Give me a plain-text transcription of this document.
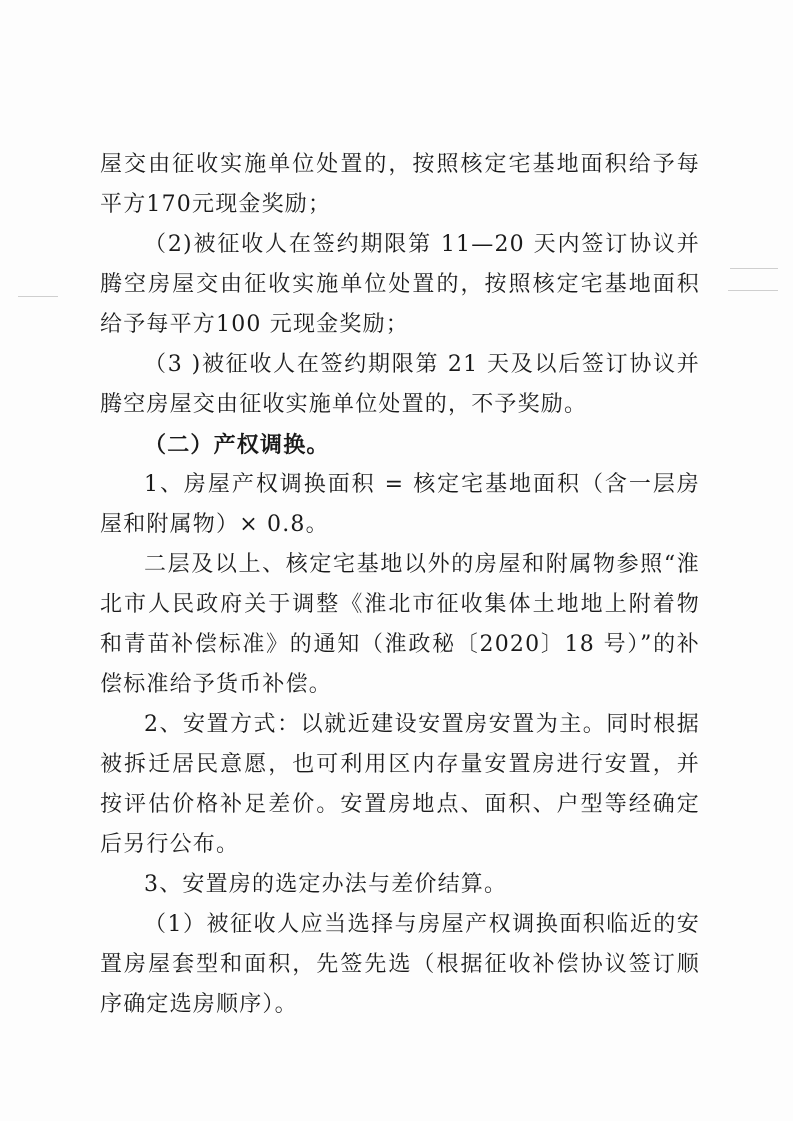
屋交由征收实施单位处置的，按照核定宅基地面积给予每平方170元现金奖励；

（2)被征收人在签约期限第 11—20 天内签订协议并腾空房屋交由征收实施单位处置的，按照核定宅基地面积给予每平方100 元现金奖励；

（3 )被征收人在签约期限第 21 天及以后签订协议并腾空房屋交由征收实施单位处置的，不予奖励。

（二）产权调换。

1、房屋产权调换面积 = 核定宅基地面积（含一层房屋和附属物）× 0.8。

二层及以上、核定宅基地以外的房屋和附属物参照“淮北市人民政府关于调整《淮北市征收集体土地地上附着物和青苗补偿标准》的通知（淮政秘〔2020〕18 号）”的补偿标准给予货币补偿。

2、安置方式：以就近建设安置房安置为主。同时根据被拆迁居民意愿，也可利用区内存量安置房进行安置，并按评估价格补足差价。安置房地点、面积、户型等经确定后另行公布。

3、安置房的选定办法与差价结算。

（1）被征收人应当选择与房屋产权调换面积临近的安置房屋套型和面积，先签先选（根据征收补偿协议签订顺序确定选房顺序）。
